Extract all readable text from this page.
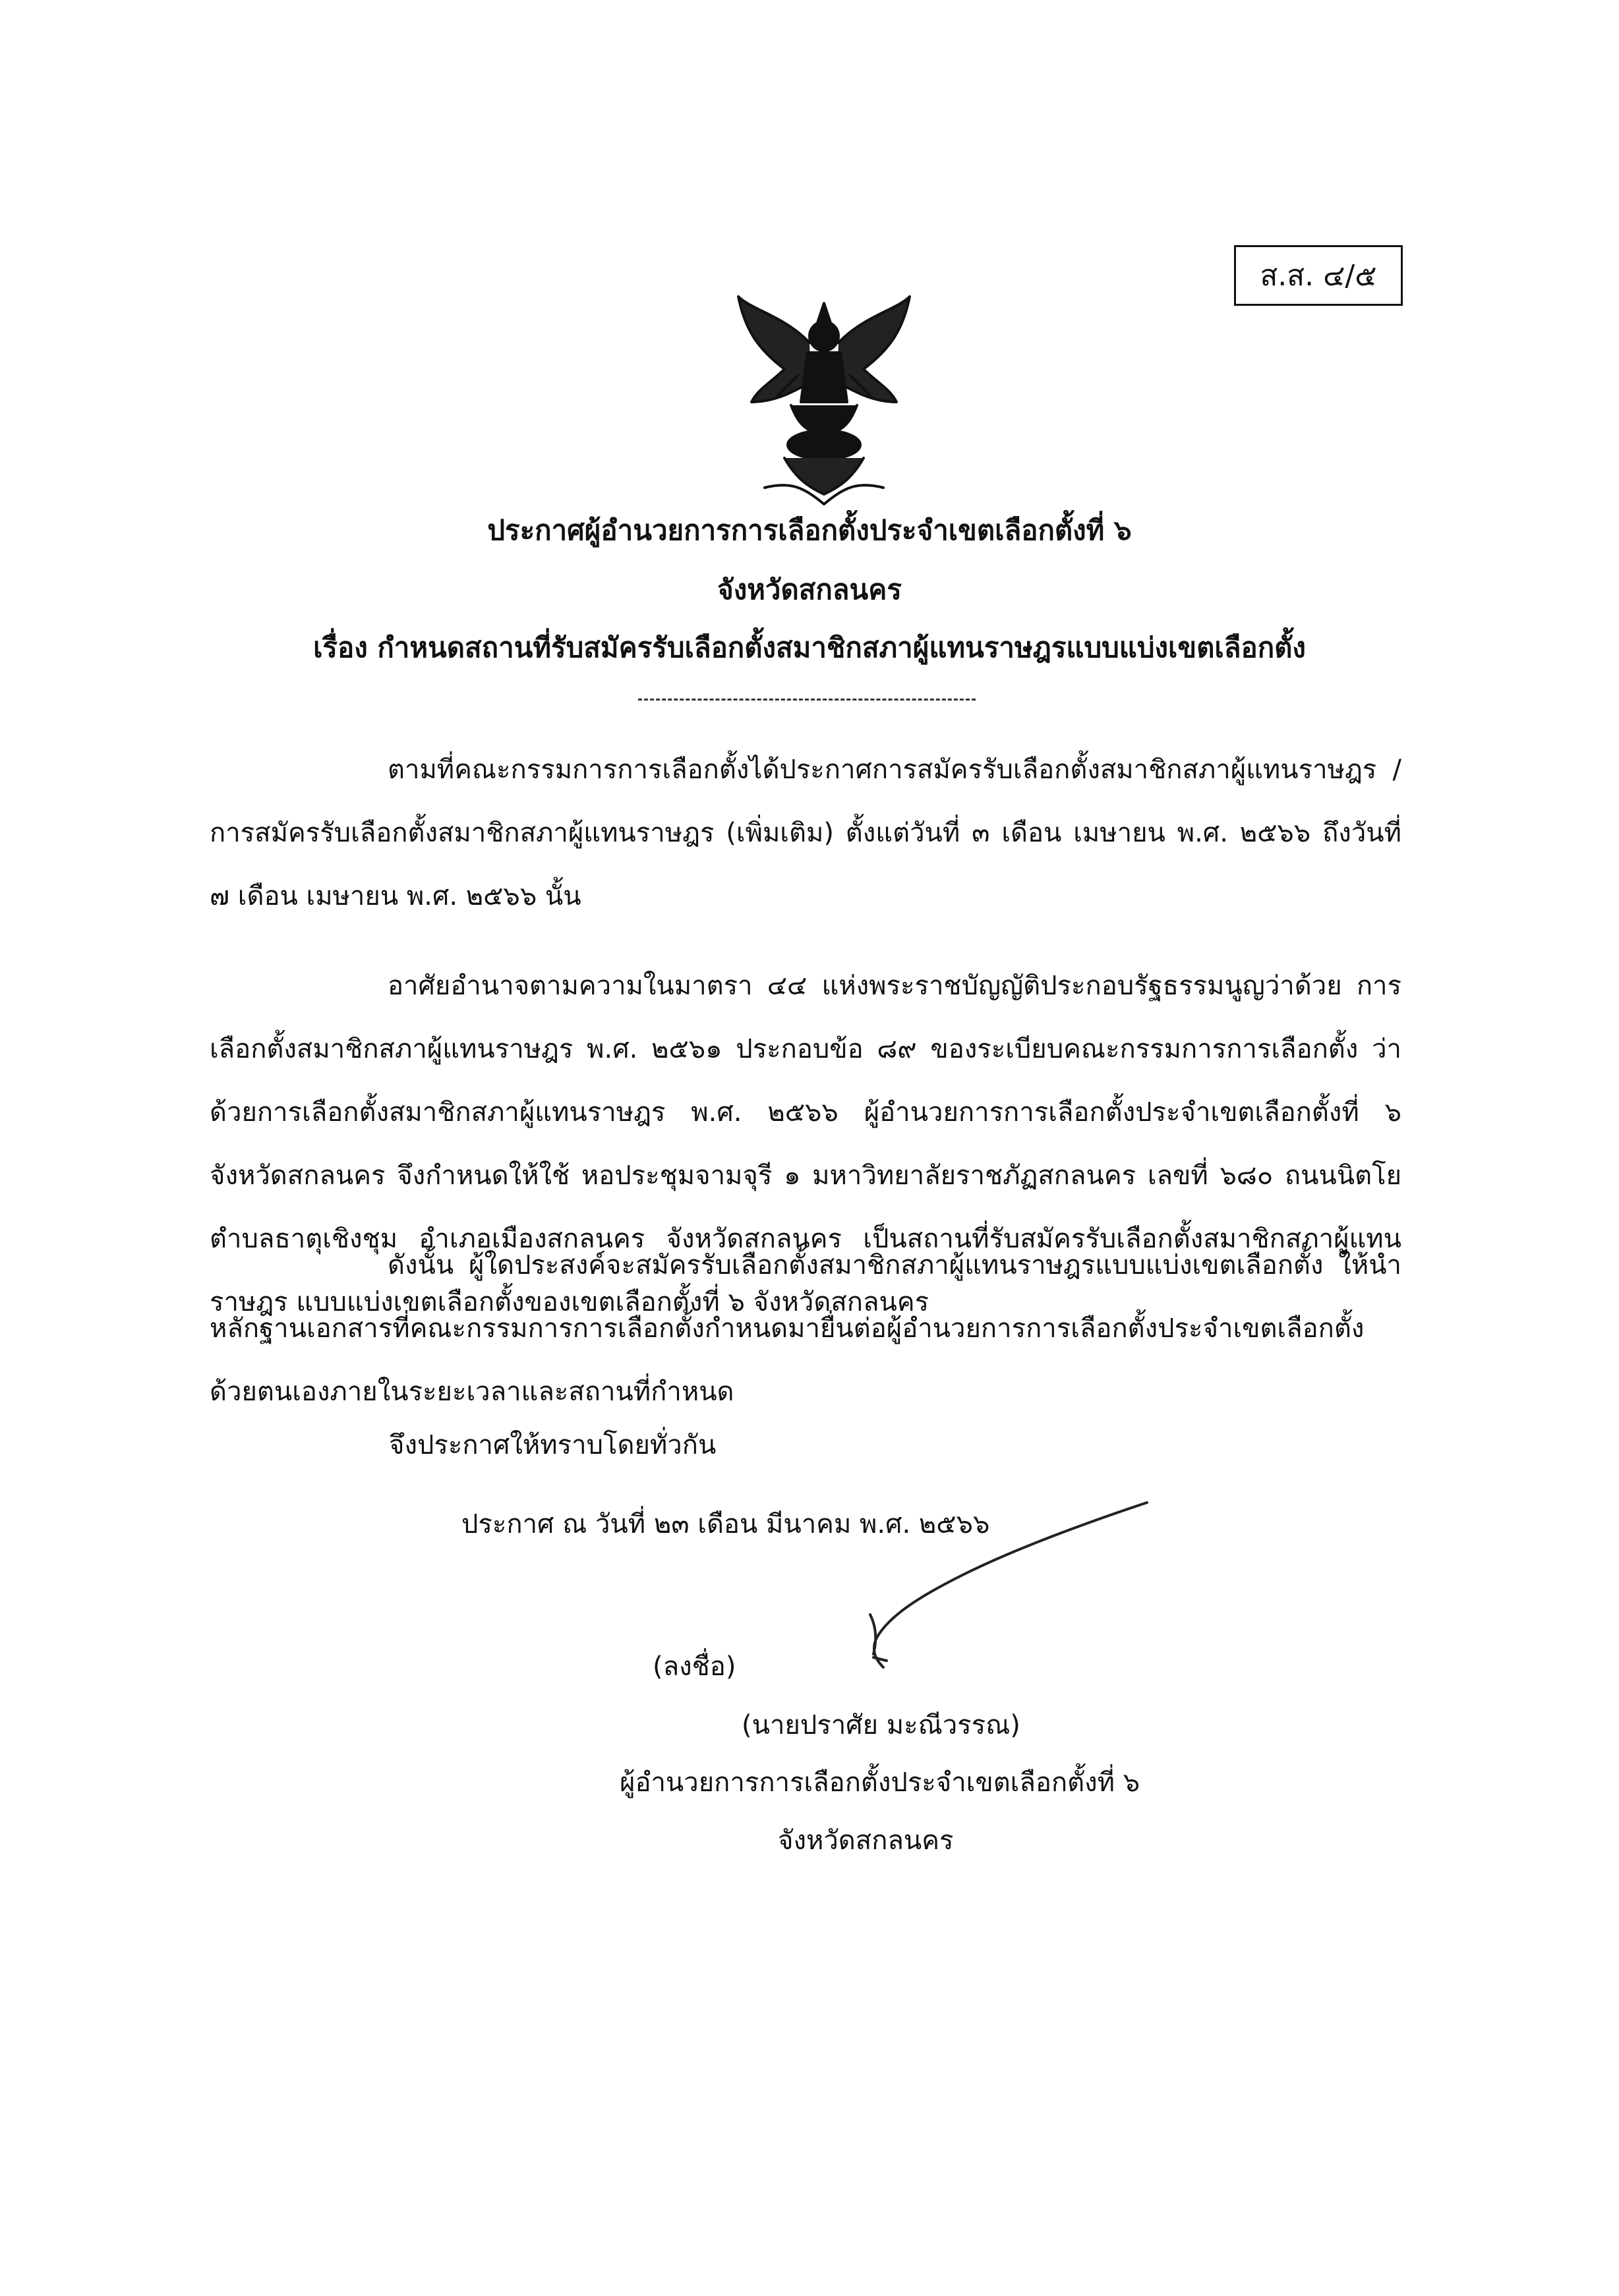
ส.ส. ๔/๕
ประกาศผู้อำนวยการการเลือกตั้งประจำเขตเลือกตั้งที่ ๖
จังหวัดสกลนคร
เรื่อง กำหนดสถานที่รับสมัครรับเลือกตั้งสมาชิกสภาผู้แทนราษฎรแบบแบ่งเขตเลือกตั้ง
ตามที่คณะกรรมการการเลือกตั้งได้ประกาศการสมัครรับเลือกตั้งสมาชิกสภาผู้แทนราษฎร / การสมัครรับเลือกตั้งสมาชิกสภาผู้แทนราษฎร (เพิ่มเติม) ตั้งแต่วันที่ ๓ เดือน เมษายน พ.ศ. ๒๕๖๖ ถึงวันที่ ๗ เดือน เมษายน พ.ศ. ๒๕๖๖ นั้น
อาศัยอำนาจตามความในมาตรา ๔๔ แห่งพระราชบัญญัติประกอบรัฐธรรมนูญว่าด้วย การเลือกตั้งสมาชิกสภาผู้แทนราษฎร พ.ศ. ๒๕๖๑ ประกอบข้อ ๘๙ ของระเบียบคณะกรรมการการเลือกตั้ง ว่าด้วยการเลือกตั้งสมาชิกสภาผู้แทนราษฎร พ.ศ. ๒๕๖๖ ผู้อำนวยการการเลือกตั้งประจำเขตเลือกตั้งที่ ๖ จังหวัดสกลนคร จึงกำหนดให้ใช้ หอประชุมจามจุรี ๑ มหาวิทยาลัยราชภัฏสกลนคร เลขที่ ๖๘๐ ถนนนิตโย ตำบลธาตุเชิงชุม อำเภอเมืองสกลนคร จังหวัดสกลนคร เป็นสถานที่รับสมัครรับเลือกตั้งสมาชิกสภาผู้แทนราษฎร แบบแบ่งเขตเลือกตั้งของเขตเลือกตั้งที่ ๖ จังหวัดสกลนคร
ดังนั้น ผู้ใดประสงค์จะสมัครรับเลือกตั้งสมาชิกสภาผู้แทนราษฎรแบบแบ่งเขตเลือกตั้ง ให้นำหลักฐานเอกสารที่คณะกรรมการการเลือกตั้งกำหนดมายื่นต่อผู้อำนวยการการเลือกตั้งประจำเขตเลือกตั้ง ด้วยตนเองภายในระยะเวลาและสถานที่กำหนด
จึงประกาศให้ทราบโดยทั่วกัน
ประกาศ ณ วันที่ ๒๓ เดือน มีนาคม พ.ศ. ๒๕๖๖
(ลงชื่อ)
(นายปราศัย มะณีวรรณ)
ผู้อำนวยการการเลือกตั้งประจำเขตเลือกตั้งที่ ๖
จังหวัดสกลนคร
